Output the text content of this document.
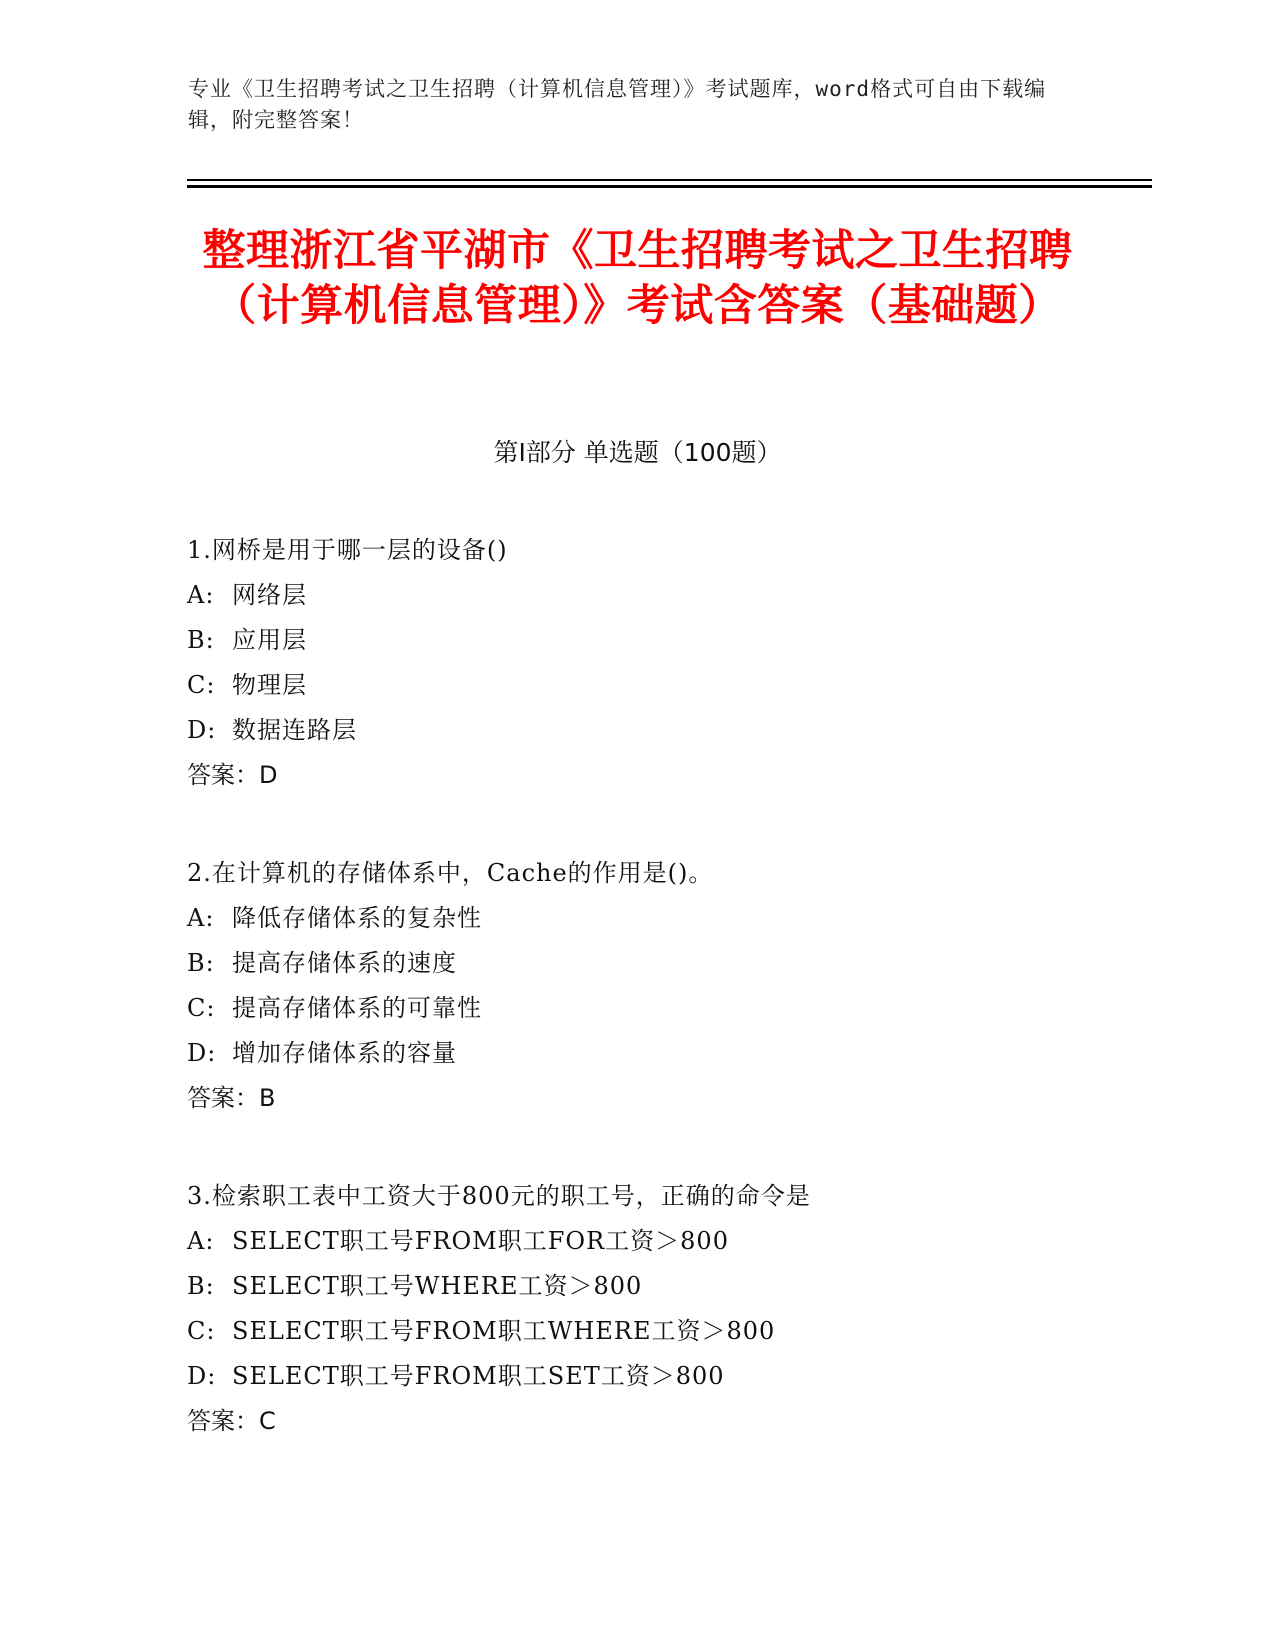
专业《卫生招聘考试之卫生招聘（计算机信息管理）》考试题库，word格式可自由下载编辑，附完整答案！
整理浙江省平湖市《卫生招聘考试之卫生招聘（计算机信息管理）》考试含答案（基础题）
第Ⅰ部分 单选题（100题）
1.网桥是用于哪一层的设备()
A: 网络层
B: 应用层
C: 物理层
D: 数据连路层
答案：D
2.在计算机的存储体系中，Cache的作用是()。
A: 降低存储体系的复杂性
B: 提高存储体系的速度
C: 提高存储体系的可靠性
D: 增加存储体系的容量
答案：B
3.检索职工表中工资大于800元的职工号，正确的命令是
A: SELECT职工号FROM职工FOR工资＞800
B: SELECT职工号WHERE工资＞800
C: SELECT职工号FROM职工WHERE工资＞800
D: SELECT职工号FROM职工SET工资＞800
答案：C
